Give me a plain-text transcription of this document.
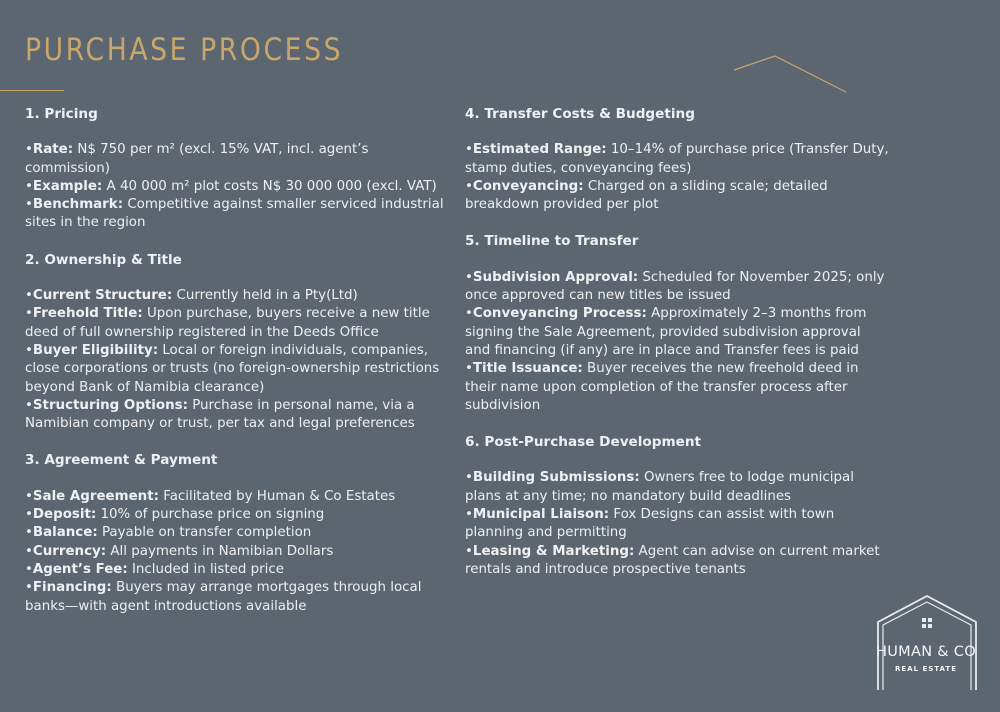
PURCHASE PROCESS
1. Pricing
•Rate: N$ 750 per m² (excl. 15% VAT, incl. agent’s commission)
•Example: A 40 000 m² plot costs N$ 30 000 000 (excl. VAT)
•Benchmark: Competitive against smaller serviced industrial sites in the region
2. Ownership & Title
•Current Structure: Currently held in a Pty(Ltd)
•Freehold Title: Upon purchase, buyers receive a new title deed of full ownership registered in the Deeds Office
•Buyer Eligibility: Local or foreign individuals, companies, close corporations or trusts (no foreign-ownership restrictions beyond Bank of Namibia clearance)
•Structuring Options: Purchase in personal name, via a Namibian company or trust, per tax and legal preferences
3. Agreement & Payment
•Sale Agreement: Facilitated by Human & Co Estates
•Deposit: 10% of purchase price on signing
•Balance: Payable on transfer completion
•Currency: All payments in Namibian Dollars
•Agent’s Fee: Included in listed price
•Financing: Buyers may arrange mortgages through local banks—with agent introductions available
4. Transfer Costs & Budgeting
•Estimated Range: 10–14% of purchase price (Transfer Duty, stamp duties, conveyancing fees)
•Conveyancing: Charged on a sliding scale; detailed breakdown provided per plot
5. Timeline to Transfer
•Subdivision Approval: Scheduled for November 2025; only once approved can new titles be issued
•Conveyancing Process: Approximately 2–3 months from signing the Sale Agreement, provided subdivision approval and financing (if any) are in place and Transfer fees is paid
•Title Issuance: Buyer receives the new freehold deed in their name upon completion of the transfer process after subdivision
6. Post-Purchase Development
•Building Submissions: Owners free to lodge municipal plans at any time; no mandatory build deadlines
•Municipal Liaison: Fox Designs can assist with town planning and permitting
•Leasing & Marketing: Agent can advise on current market rentals and introduce prospective tenants
HUMAN & CO
REAL ESTATE
